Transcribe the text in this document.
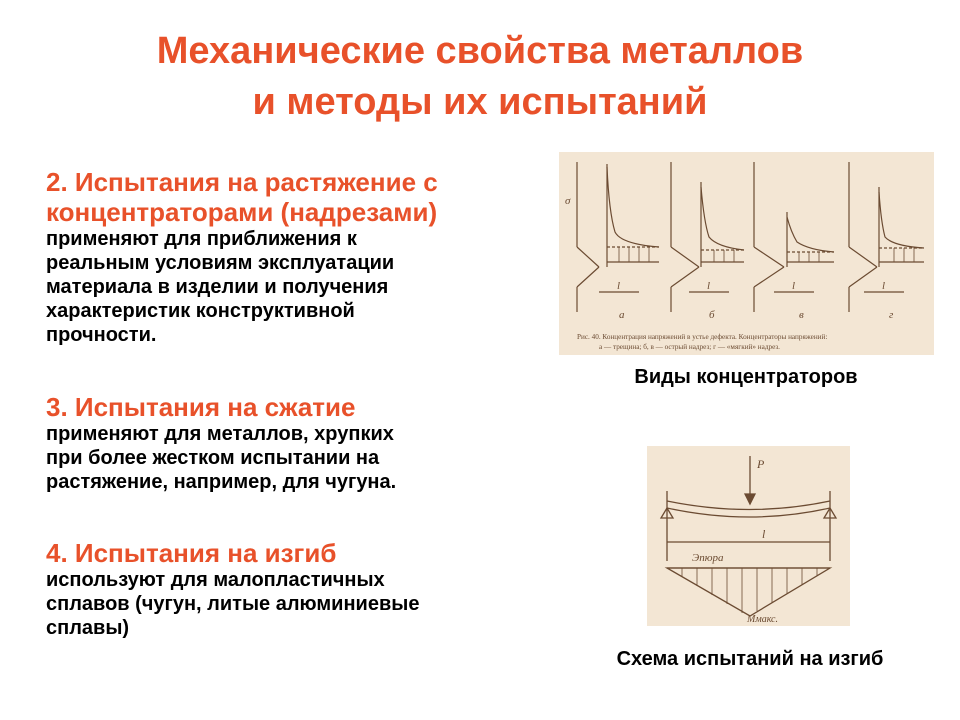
Механические свойства металлов
и методы их испытаний
2. Испытания на растяжение с
концентраторами (надрезами)
применяют для приближения к
реальным условиям эксплуатации
материала в изделии и получения
характеристик конструктивной
прочности.
3. Испытания на сжатие
применяют для металлов, хрупких
при более жестком испытании на
растяжение, например, для чугуна.
4. Испытания на изгиб
используют для малопластичных
сплавов (чугун, литые алюминиевые
сплавы)
σ
l	l	l	l
а	б	в	г
Рис. 40. Концентрация напряжений в устье дефекта. Концентраторы напряжений:
а — трещина; б, в — острый надрез; г — «мягкий» надрез.
Виды концентраторов
P
l
Эпюра
Mмакс.
Схема испытаний на изгиб
